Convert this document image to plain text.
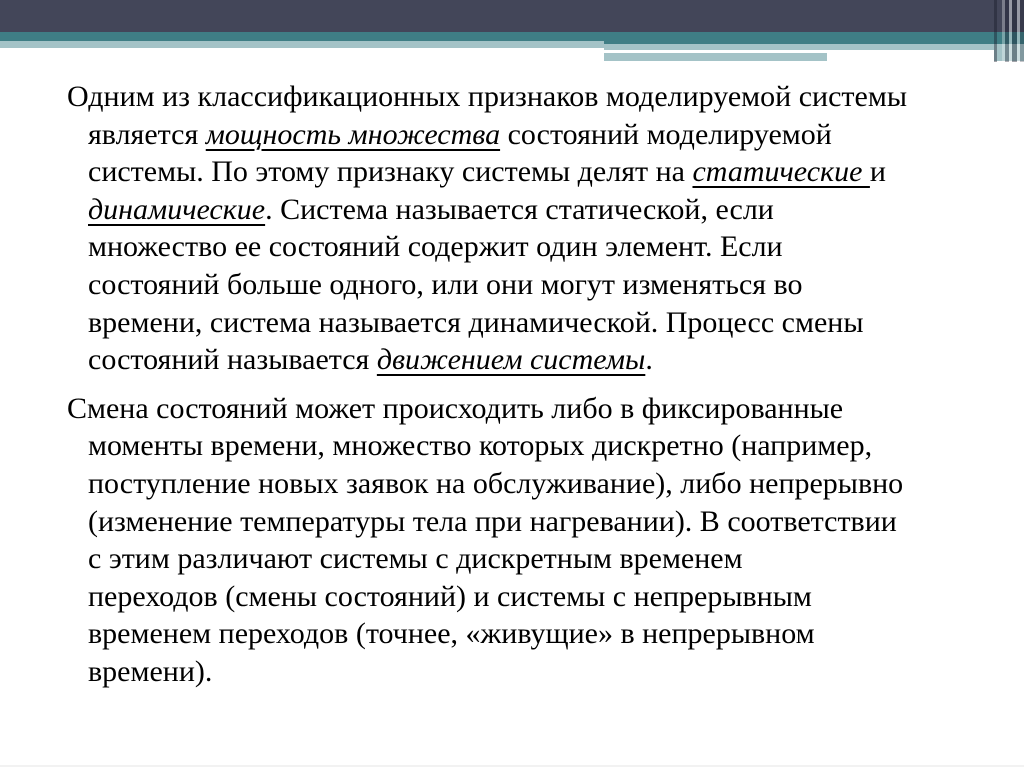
Одним из классификационных признаков моделируемой системы
является мощность множества состояний моделируемой
системы. По этому признаку системы делят на статические и
динамические. Система называется статической, если
множество ее состояний содержит один элемент. Если
состояний больше одного, или они могут изменяться во
времени, система называется динамической. Процесс смены
состояний называется движением системы.
Смена состояний может происходить либо в фиксированные
моменты времени, множество которых дискретно (например,
поступление новых заявок на обслуживание), либо непрерывно
(изменение температуры тела при нагревании). В соответствии
с этим различают системы с дискретным временем
переходов (смены состояний) и системы с непрерывным
временем переходов (точнее, «живущие» в непрерывном
времени).
